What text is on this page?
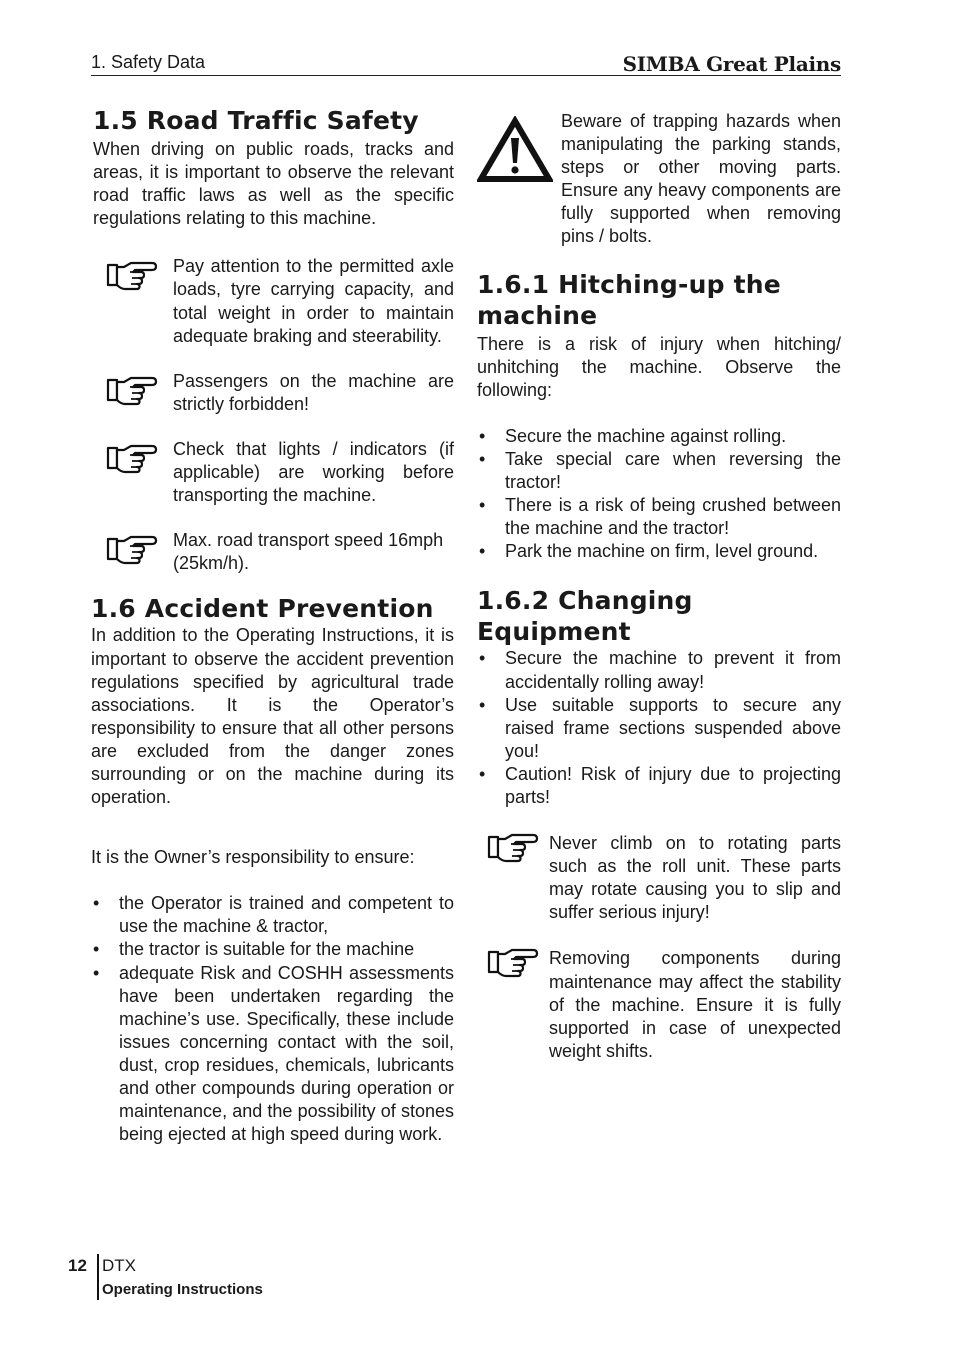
1. Safety Data	SIMBA Great Plains
1.5 Road Traffic Safety

When driving on public roads, tracks and areas, it is important to observe the relevant road traffic laws as well as the specific regulations relating to this machine.

Pay attention to the permitted axle loads, tyre carrying capacity, and total weight in order to maintain adequate braking and steerability.
Passengers on the machine are strictly forbidden!
Check that lights / indicators (if applicable) are working before transporting the machine.
Max. road transport speed 16mph (25km/h).
1.6 Accident Prevention

In addition to the Operating Instructions, it is important to observe the accident prevention regulations specified by agricultural trade associations. It is the Operator’s responsibility to ensure that all other persons are excluded from the danger zones surrounding or on the machine during its operation.

It is the Owner’s responsibility to ensure:

• the Operator is trained and competent to use the machine & tractor,
• the tractor is suitable for the machine
• adequate Risk and COSHH assessments have been undertaken regarding the machine’s use. Specifically, these include issues concerning contact with the soil, dust, crop residues, chemicals, lubricants and other compounds during operation or maintenance, and the possibility of stones being ejected at high speed during work.
Beware of trapping hazards when manipulating the parking stands, steps or other moving parts. Ensure any heavy components are fully supported when removing pins / bolts.
1.6.1 Hitching-up the machine

There is a risk of injury when hitching/ unhitching the machine. Observe the following:

• Secure the machine against rolling.
• Take special care when reversing the tractor!
• There is a risk of being crushed between the machine and the tractor!
• Park the machine on firm, level ground.
1.6.2 Changing Equipment
• Secure the machine to prevent it from accidentally rolling away!
• Use suitable supports to secure any raised frame sections suspended above you!
• Caution! Risk of injury due to projecting parts!
Never climb on to rotating parts such as the roll unit. These parts may rotate causing you to slip and suffer serious injury!
Removing components during maintenance may affect the stability of the machine. Ensure it is fully supported in case of unexpected weight shifts.
12 DTX
Operating Instructions
